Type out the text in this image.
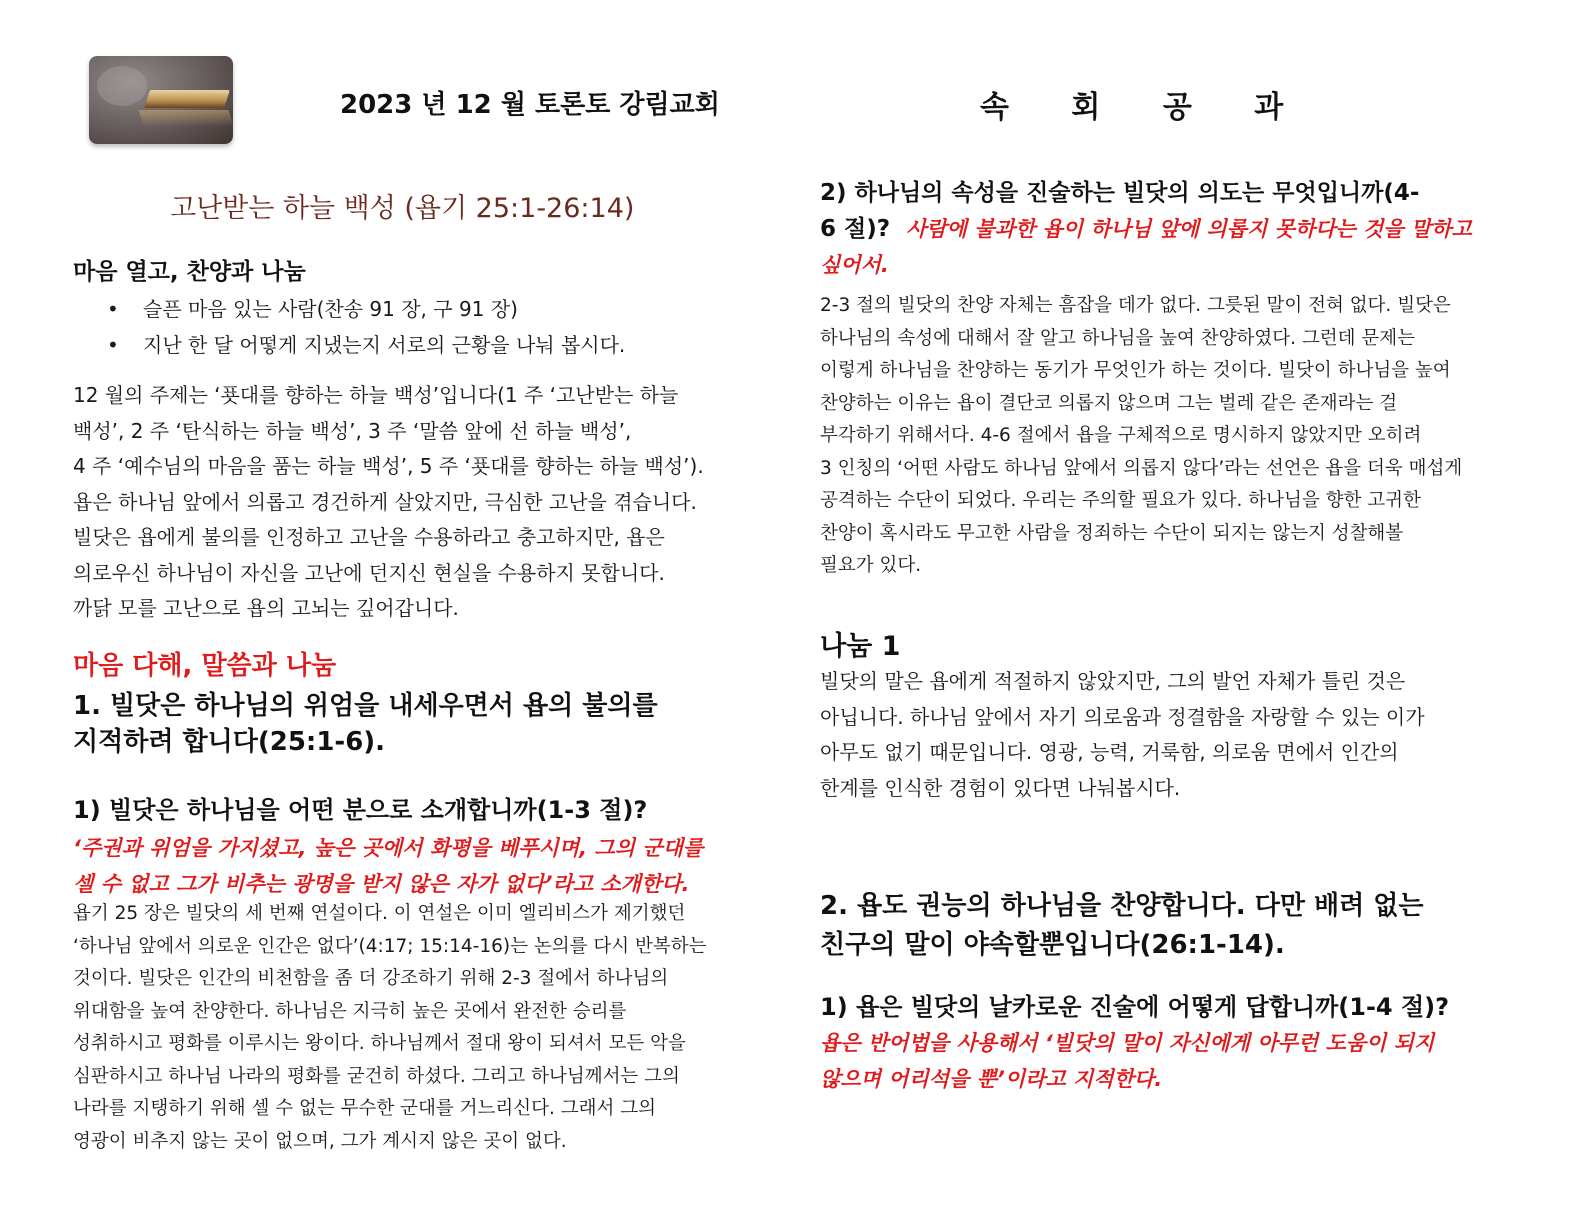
2023 년 12 월 토론토 강림교회	속 회 공 과
고난받는 하늘 백성 (욥기 25:1-26:14)
마음 열고, 찬양과 나눔
• 슬픈 마음 있는 사람(찬송 91 장, 구 91 장)
• 지난 한 달 어떻게 지냈는지 서로의 근황을 나눠 봅시다.
12 월의 주제는 ‘푯대를 향하는 하늘 백성’입니다(1 주 ‘고난받는 하늘
백성’, 2 주 ‘탄식하는 하늘 백성’, 3 주 ‘말씀 앞에 선 하늘 백성’,
4 주 ‘예수님의 마음을 품는 하늘 백성’, 5 주 ‘푯대를 향하는 하늘 백성’).
욥은 하나님 앞에서 의롭고 경건하게 살았지만, 극심한 고난을 겪습니다.
빌닷은 욥에게 불의를 인정하고 고난을 수용하라고 충고하지만, 욥은
의로우신 하나님이 자신을 고난에 던지신 현실을 수용하지 못합니다.
까닭 모를 고난으로 욥의 고뇌는 깊어갑니다.
마음 다해, 말씀과 나눔
1. 빌닷은 하나님의 위엄을 내세우면서 욥의 불의를
지적하려 합니다(25:1-6).
1) 빌닷은 하나님을 어떤 분으로 소개합니까(1-3 절)?
‘주권과 위엄을 가지셨고, 높은 곳에서 화평을 베푸시며, 그의 군대를
셀 수 없고 그가 비추는 광명을 받지 않은 자가 없다’라고 소개한다.
욥기 25 장은 빌닷의 세 번째 연설이다. 이 연설은 이미 엘리비스가 제기했던
‘하나님 앞에서 의로운 인간은 없다’(4:17; 15:14-16)는 논의를 다시 반복하는
것이다. 빌닷은 인간의 비천함을 좀 더 강조하기 위해 2-3 절에서 하나님의
위대함을 높여 찬양한다. 하나님은 지극히 높은 곳에서 완전한 승리를
성취하시고 평화를 이루시는 왕이다. 하나님께서 절대 왕이 되셔서 모든 악을
심판하시고 하나님 나라의 평화를 굳건히 하셨다. 그리고 하나님께서는 그의
나라를 지탱하기 위해 셀 수 없는 무수한 군대를 거느리신다. 그래서 그의
영광이 비추지 않는 곳이 없으며, 그가 계시지 않은 곳이 없다.
2) 하나님의 속성을 진술하는 빌닷의 의도는 무엇입니까(4-
6 절)? 사람에 불과한 욥이 하나님 앞에 의롭지 못하다는 것을 말하고
싶어서.
2-3 절의 빌닷의 찬양 자체는 흠잡을 데가 없다. 그릇된 말이 전혀 없다. 빌닷은
하나님의 속성에 대해서 잘 알고 하나님을 높여 찬양하였다. 그런데 문제는
이렇게 하나님을 찬양하는 동기가 무엇인가 하는 것이다. 빌닷이 하나님을 높여
찬양하는 이유는 욥이 결단코 의롭지 않으며 그는 벌레 같은 존재라는 걸
부각하기 위해서다. 4-6 절에서 욥을 구체적으로 명시하지 않았지만 오히려
3 인칭의 ‘어떤 사람도 하나님 앞에서 의롭지 않다’라는 선언은 욥을 더욱 매섭게
공격하는 수단이 되었다. 우리는 주의할 필요가 있다. 하나님을 향한 고귀한
찬양이 혹시라도 무고한 사람을 정죄하는 수단이 되지는 않는지 성찰해볼
필요가 있다.
나눔 1
빌닷의 말은 욥에게 적절하지 않았지만, 그의 발언 자체가 틀린 것은
아닙니다. 하나님 앞에서 자기 의로움과 정결함을 자랑할 수 있는 이가
아무도 없기 때문입니다. 영광, 능력, 거룩함, 의로움 면에서 인간의
한계를 인식한 경험이 있다면 나눠봅시다.
2. 욥도 권능의 하나님을 찬양합니다. 다만 배려 없는
친구의 말이 야속할뿐입니다(26:1-14).
1) 욥은 빌닷의 날카로운 진술에 어떻게 답합니까(1-4 절)?
욥은 반어법을 사용해서 ‘빌닷의 말이 자신에게 아무런 도움이 되지
않으며 어리석을 뿐’이라고 지적한다.
